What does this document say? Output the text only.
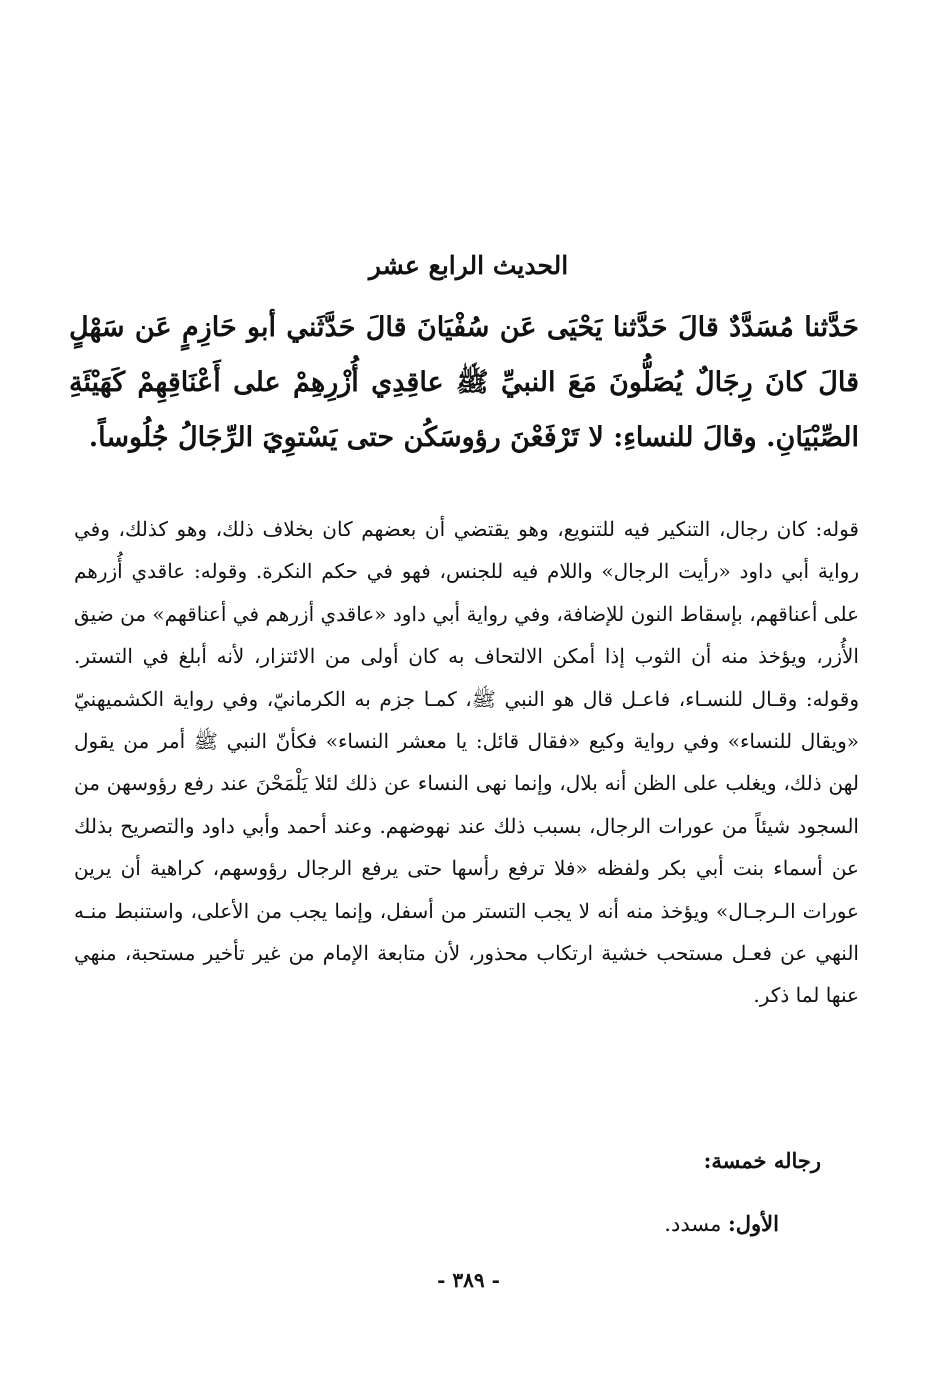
الحديث الرابع عشر

حَدَّثنا مُسَدَّدٌ قالَ حَدَّثنا يَحْيَى عَن سُفْيَانَ قالَ حَدَّثَني أبو حَازِمٍ عَن سَهْلٍ قالَ كانَ رِجَالٌ يُصَلُّونَ مَعَ النبيِّ ﷺ عاقِدِي أُزْرِهِمْ على أَعْنَاقِهِمْ كَهَيْئَةِ الصِّبْيَانِ. وقالَ للنساءِ: لا تَرْفَعْنَ رؤوسَكُن حتى يَسْتوِيَ الرِّجَالُ جُلُوساً.

قوله: كان رجال، التنكير فيه للتنويع، وهو يقتضي أن بعضهم كان بخلاف ذلك، وهو كذلك، وفي رواية أبي داود «رأيت الرجال» واللام فيه للجنس، فهو في حكم النكرة. وقوله: عاقدي أُزرهم على أعناقهم، بإسقاط النون للإضافة، وفي رواية أبي داود «عاقدي أزرهم في أعناقهم» من ضيق الأُزر، ويؤخذ منه أن الثوب إذا أمكن الالتحاف به كان أولى من الائتزار، لأنه أبلغ في التستر. وقوله: وقـال للنسـاء، فاعـل قال هو النبي ﷺ، كمـا جزم به الكرمانيّ، وفي رواية الكشميهنيّ «ويقال للنساء» وفي رواية وكيع «فقال قائل: يا معشر النساء» فكأنّ النبي ﷺ أمر من يقول لهن ذلك، ويغلب على الظن أنه بلال، وإنما نهى النساء عن ذلك لئلا يَلْمَحْنَ عند رفع رؤوسهن من السجود شيئاً من عورات الرجال، بسبب ذلك عند نهوضهم. وعند أحمد وأبي داود والتصريح بذلك عن أسماء بنت أبي بكر ولفظه «فلا ترفع رأسها حتى يرفع الرجال رؤوسهم، كراهية أن يرين عورات الـرجـال» ويؤخذ منه أنه لا يجب التستر من أسفل، وإنما يجب من الأعلى، واستنبط منـه النهي عن فعـل مستحب خشية ارتكاب محذور، لأن متابعة الإمام من غير تأخير مستحبة، منهي عنها لما ذكر.

رجاله خمسة:

الأول: مسدد.

- ٣٨٩ -
